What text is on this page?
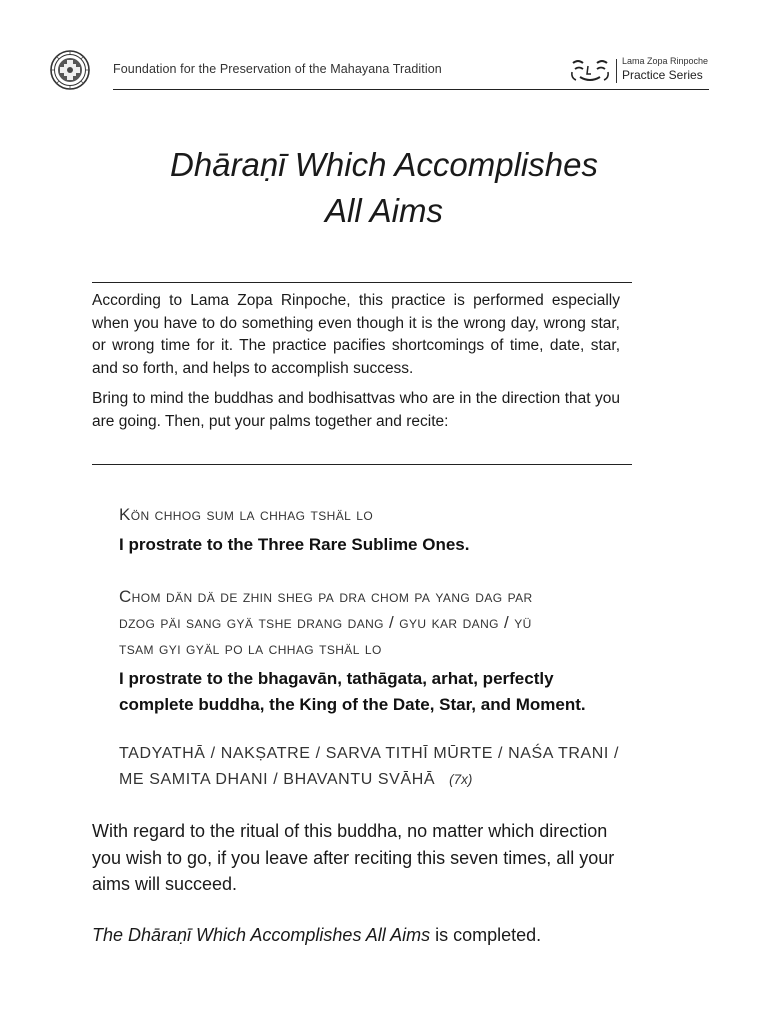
Foundation for the Preservation of the Mahayana Tradition
Lama Zopa Rinpoche
Practice Series
Dhāraṇī Which Accomplishes
All Aims

According to Lama Zopa Rinpoche, this practice is performed especially when you have to do something even though it is the wrong day, wrong star, or wrong time for it. The practice pacifies shortcomings of time, date, star, and so forth, and helps to accomplish success.

Bring to mind the buddhas and bodhisattvas who are in the direction that you are going. Then, put your palms together and recite:

Kön chhog sum la chhag tshäl lo
I prostrate to the Three Rare Sublime Ones.
Chom dän dä de zhin sheg pa dra chom pa yang dag par
dzog päi sang gyä tshe drang dang / gyu kar dang / yü
tsam gyi gyäl po la chhag tshäl lo
I prostrate to the bhagavān, tathāgata, arhat, perfectly
complete buddha, the King of the Date, Star, and Moment.
TADYATHĀ / NAKṢATRE / SARVA TITHĪ MŪRTE / NAŚA TRANI /
ME SAMITA DHANI / BHAVANTU SVĀHĀ (7x)
With regard to the ritual of this buddha, no matter which direction
you wish to go, if you leave after reciting this seven times, all your
aims will succeed.
The Dhāraṇī Which Accomplishes All Aims is completed.
